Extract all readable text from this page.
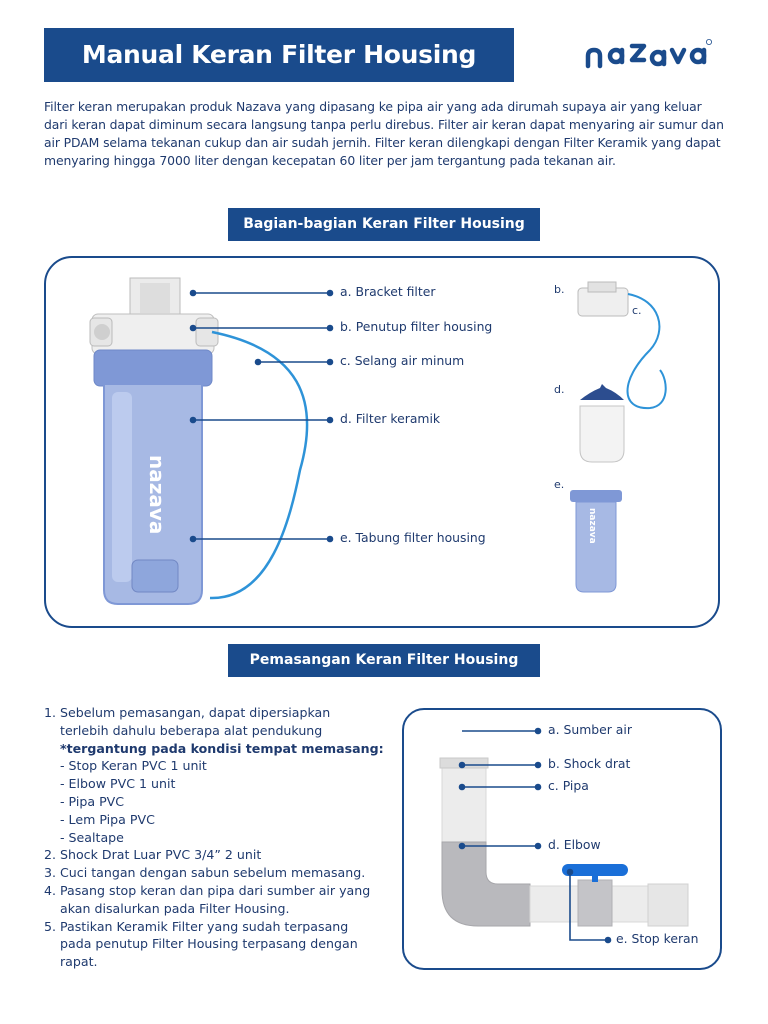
Manual Keran Filter Housing
Filter keran merupakan produk Nazava yang dipasang ke pipa air yang ada dirumah supaya air yang keluar dari keran dapat diminum secara langsung tanpa perlu direbus. Filter air keran dapat menyaring air sumur dan air PDAM selama tekanan cukup dan air sudah jernih. Filter keran dilengkapi dengan Filter Keramik yang dapat menyaring hingga 7000 liter dengan kecepatan 60 liter per jam tergantung pada tekanan air.
Bagian-bagian Keran Filter Housing
nazava	nazava
a. Bracket filter
b. Penutup filter housing
c. Selang air minum
d. Filter keramik
e. Tabung filter housing
b.
c.
d.
e.
Pemasangan Keran Filter Housing
1. Sebelum pemasangan, dapat dipersiapkan
terlebih dahulu beberapa alat pendukung
*tergantung pada kondisi tempat memasang:
- Stop Keran PVC 1 unit
- Elbow PVC 1 unit
- Pipa PVC
- Lem Pipa PVC
- Sealtape
2. Shock Drat Luar PVC 3/4” 2 unit
3. Cuci tangan dengan sabun sebelum memasang.
4. Pasang stop keran dan pipa dari sumber air yang
akan disalurkan pada Filter Housing.
5. Pastikan Keramik Filter yang sudah terpasang
pada penutup Filter Housing terpasang dengan
rapat.
a. Sumber air
b. Shock drat
c. Pipa
d. Elbow
e. Stop keran
